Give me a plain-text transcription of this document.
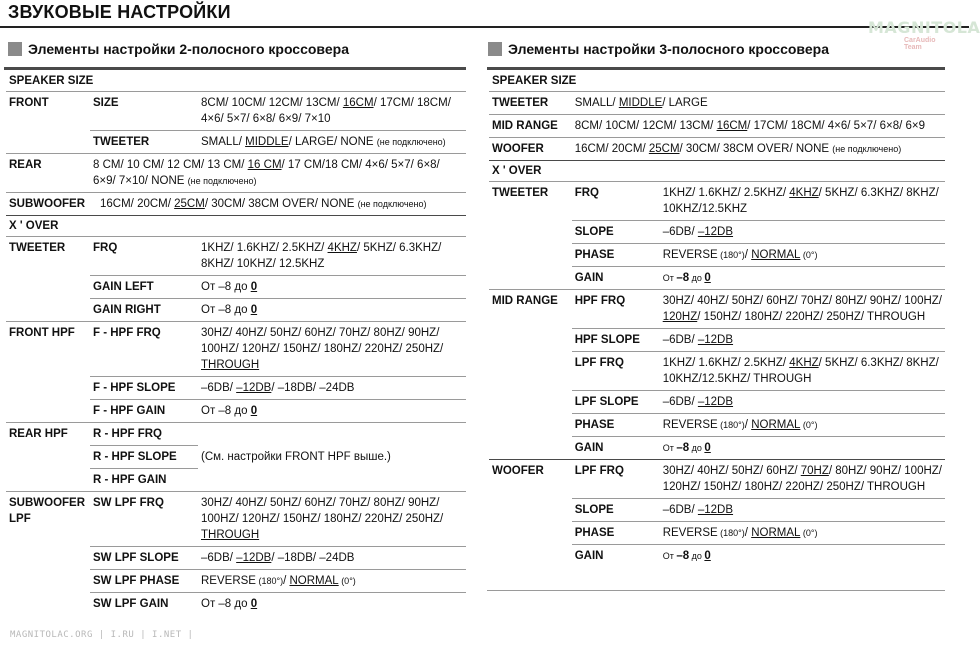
ЗВУКОВЫЕ НАСТРОЙКИ
MAGNITOLA
CarAudio Team
Элементы настройки 2-полосного кроссовера
SPEAKER SIZE		
FRONT	SIZE	8CM/ 10CM/ 12CM/ 13CM/ 16CM/ 17CM/ 18CM/
4×6/ 5×7/ 6×8/ 6×9/ 7×10
	TWEETER	SMALL/ MIDDLE/ LARGE/ NONE (не подключено)
REAR	8 CM/ 10 CM/ 12 CM/ 13 CM/ 16 CM/ 17 CM/18 CM/ 4×6/ 5×7/ 6×8/
6×9/ 7×10/ NONE (не подключено)	
SUBWOOFER	16CM/ 20CM/ 25CM/ 30CM/ 38CM OVER/ NONE (не подключено)	
X ' OVER		
TWEETER	FRQ	1KHZ/ 1.6KHZ/ 2.5KHZ/ 4KHZ/ 5KHZ/ 6.3KHZ/
8KHZ/ 10KHZ/ 12.5KHZ
	GAIN LEFT	От –8 до 0
	GAIN RIGHT	От –8 до 0
FRONT HPF	F - HPF FRQ	30HZ/ 40HZ/ 50HZ/ 60HZ/ 70HZ/ 80HZ/ 90HZ/
100HZ/ 120HZ/ 150HZ/ 180HZ/ 220HZ/ 250HZ/
THROUGH
	F - HPF SLOPE	–6DB/ –12DB/ –18DB/ –24DB
	F - HPF GAIN	От –8 до 0
REAR HPF	R - HPF FRQ	(См. настройки FRONT HPF выше.)
	R - HPF SLOPE	
	R - HPF GAIN	
SUBWOOFER
LPF	SW LPF FRQ	30HZ/ 40HZ/ 50HZ/ 60HZ/ 70HZ/ 80HZ/ 90HZ/
100HZ/ 120HZ/ 150HZ/ 180HZ/ 220HZ/ 250HZ/
THROUGH
	SW LPF SLOPE	–6DB/ –12DB/ –18DB/ –24DB
	SW LPF PHASE	REVERSE (180°)/ NORMAL (0°)
	SW LPF GAIN	От –8 до 0
Элементы настройки 3-полосного кроссовера
SPEAKER SIZE		
TWEETER	SMALL/ MIDDLE/ LARGE	
MID RANGE	8CM/ 10CM/ 12CM/ 13CM/ 16CM/ 17CM/ 18CM/ 4×6/ 5×7/ 6×8/ 6×9	
WOOFER	16CM/ 20CM/ 25CM/ 30CM/ 38CM OVER/ NONE (не подключено)	
X ' OVER		
TWEETER	FRQ	1KHZ/ 1.6KHZ/ 2.5KHZ/ 4KHZ/ 5KHZ/ 6.3KHZ/ 8KHZ/
10KHZ/12.5KHZ
	SLOPE	–6DB/ –12DB
	PHASE	REVERSE (180°)/ NORMAL (0°)
	GAIN	От –8 до 0
MID RANGE	HPF FRQ	30HZ/ 40HZ/ 50HZ/ 60HZ/ 70HZ/ 80HZ/ 90HZ/ 100HZ/
120HZ/ 150HZ/ 180HZ/ 220HZ/ 250HZ/ THROUGH
	HPF SLOPE	–6DB/ –12DB
	LPF FRQ	1KHZ/ 1.6KHZ/ 2.5KHZ/ 4KHZ/ 5KHZ/ 6.3KHZ/ 8KHZ/
10KHZ/12.5KHZ/ THROUGH
	LPF SLOPE	–6DB/ –12DB
	PHASE	REVERSE (180°)/ NORMAL (0°)
	GAIN	От –8 до 0
WOOFER	LPF FRQ	30HZ/ 40HZ/ 50HZ/ 60HZ/ 70HZ/ 80HZ/ 90HZ/ 100HZ/
120HZ/ 150HZ/ 180HZ/ 220HZ/ 250HZ/ THROUGH
	SLOPE	–6DB/ –12DB
	PHASE	REVERSE (180°)/ NORMAL (0°)
	GAIN	От –8 до 0
MAGNITOLAC.ORG | I.RU | I.NET |
